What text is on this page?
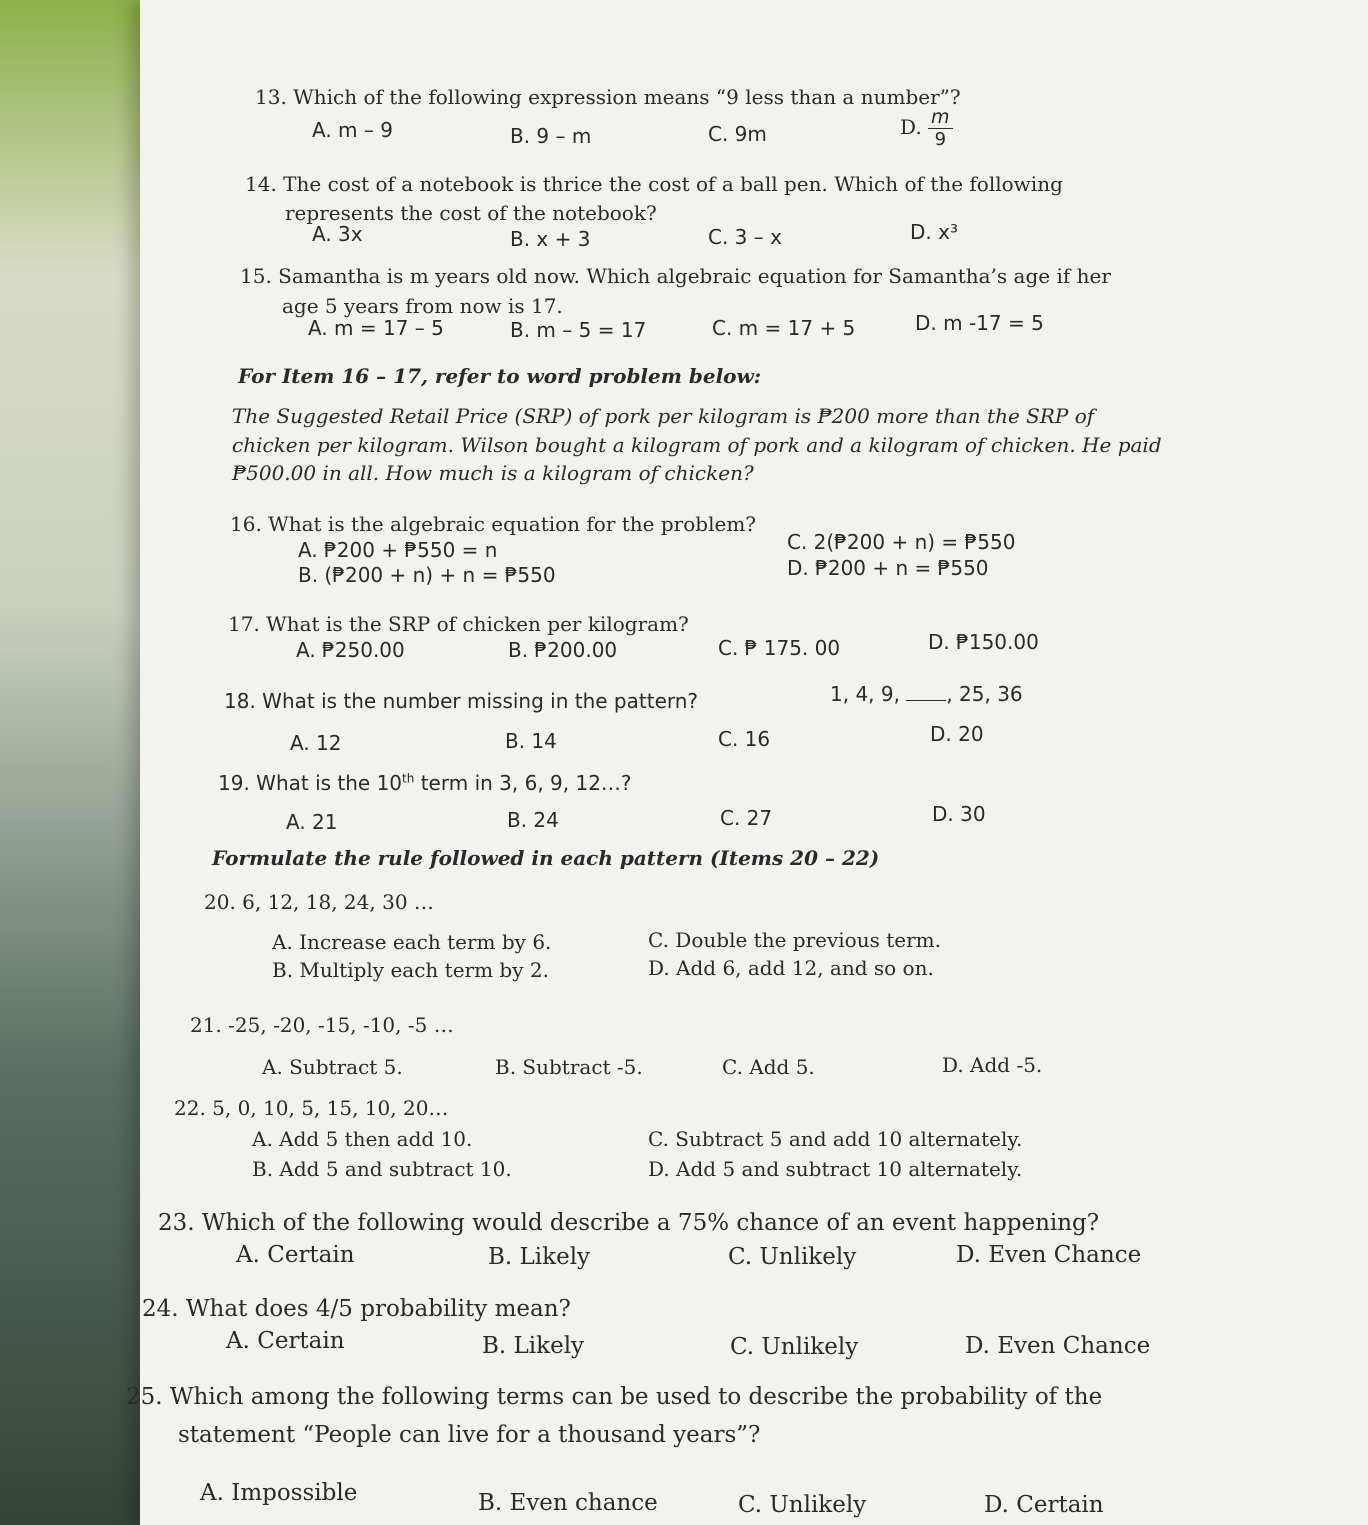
13. Which of the following expression means “9 less than a number”?
A. m – 9	B. 9 – m	C. 9m	D. $\frac{m}{9}$
14. The cost of a notebook is thrice the cost of a ball pen. Which of the following
represents the cost of the notebook?
A. 3x	B. x + 3	C. 3 – x	D. x³
15. Samantha is m years old now. Which algebraic equation for Samantha’s age if her
age 5 years from now is 17.
A. m = 17 – 5	B. m – 5 = 17	C. m = 17 + 5	D. m -17 = 5
For Item 16 – 17, refer to word problem below:
The Suggested Retail Price (SRP) of pork per kilogram is ₱200 more than the SRP of
chicken per kilogram. Wilson bought a kilogram of pork and a kilogram of chicken. He paid
₱500.00 in all. How much is a kilogram of chicken?
16. What is the algebraic equation for the problem?
A. ₱200 + ₱550 = n
B. (₱200 + n) + n = ₱550
C. 2(₱200 + n) = ₱550
D. ₱200 + n = ₱550
17. What is the SRP of chicken per kilogram?
A. ₱250.00	B. ₱200.00	C. ₱ 175. 00	D. ₱150.00
18. What is the number missing in the pattern?	1, 4, 9, , 25, 36
A. 12	B. 14	C. 16	D. 20
19. What is the 10th term in 3, 6, 9, 12…?
A. 21	B. 24	C. 27	D. 30
Formulate the rule followed in each pattern (Items 20 – 22)
20. 6, 12, 18, 24, 30 …
A. Increase each term by 6.
B. Multiply each term by 2.
C. Double the previous term.
D. Add 6, add 12, and so on.
21. -25, -20, -15, -10, -5 …
A. Subtract 5.	B. Subtract -5.	C. Add 5.	D. Add -5.
22. 5, 0, 10, 5, 15, 10, 20…
A. Add 5 then add 10.
B. Add 5 and subtract 10.
C. Subtract 5 and add 10 alternately.
D. Add 5 and subtract 10 alternately.
23. Which of the following would describe a 75% chance of an event happening?
A. Certain	B. Likely	C. Unlikely	D. Even Chance
24. What does 4/5 probability mean?
A. Certain	B. Likely	C. Unlikely	D. Even Chance
25. Which among the following terms can be used to describe the probability of the
statement “People can live for a thousand years”?
A. Impossible	B. Even chance	C. Unlikely	D. Certain
